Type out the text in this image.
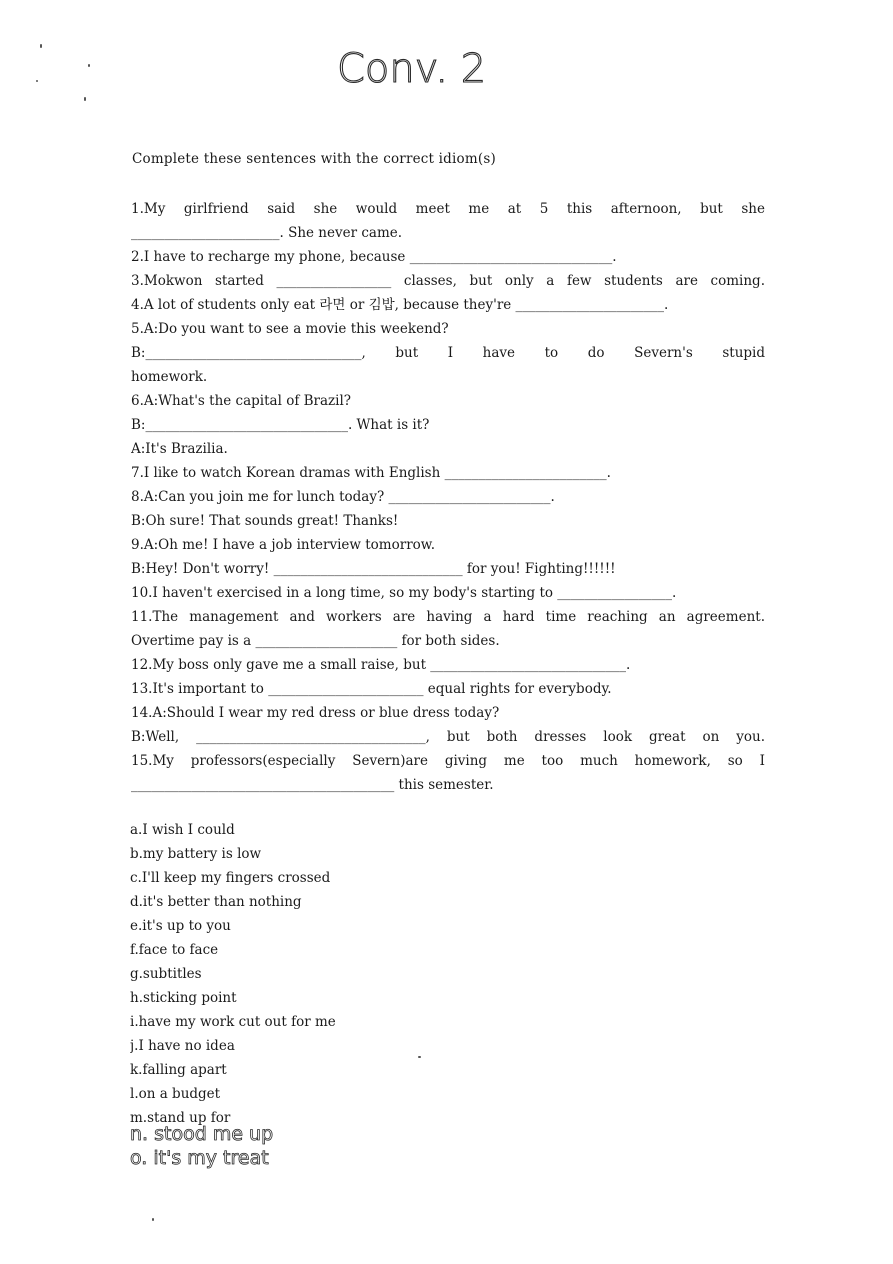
Conv. 2
Complete these sentences with the correct idiom(s)
1.My girlfriend said she would meet me at 5 this afternoon, but she
______________________. She never came.
2.I have to recharge my phone, because ______________________________.
3.Mokwon started _________________ classes, but only a few students are coming.
4.A lot of students only eat 라면 or 김밥, because they're ______________________.
5.A:Do you want to see a movie this weekend?
B:________________________________, but I have to do Severn's stupid
homework.
6.A:What's the capital of Brazil?
B:______________________________. What is it?
A:It's Brazilia.
7.I like to watch Korean dramas with English ________________________.
8.A:Can you join me for lunch today? ________________________.
B:Oh sure! That sounds great! Thanks!
9.A:Oh me! I have a job interview tomorrow.
B:Hey! Don't worry! ____________________________ for you! Fighting!!!!!!
10.I haven't exercised in a long time, so my body's starting to _________________.
11.The management and workers are having a hard time reaching an agreement.
Overtime pay is a _____________________ for both sides.
12.My boss only gave me a small raise, but _____________________________.
13.It's important to _______________________ equal rights for everybody.
14.A:Should I wear my red dress or blue dress today?
B:Well, __________________________________, but both dresses look great on you.
15.My professors(especially Severn)are giving me too much homework, so I
_______________________________________ this semester.
a.I wish I could
b.my battery is low
c.I'll keep my fingers crossed
d.it's better than nothing
e.it's up to you
f.face to face
g.subtitles
h.sticking point
i.have my work cut out for me
j.I have no idea
k.falling apart
l.on a budget
m.stand up for
n. stood me up
o. it's my treat
